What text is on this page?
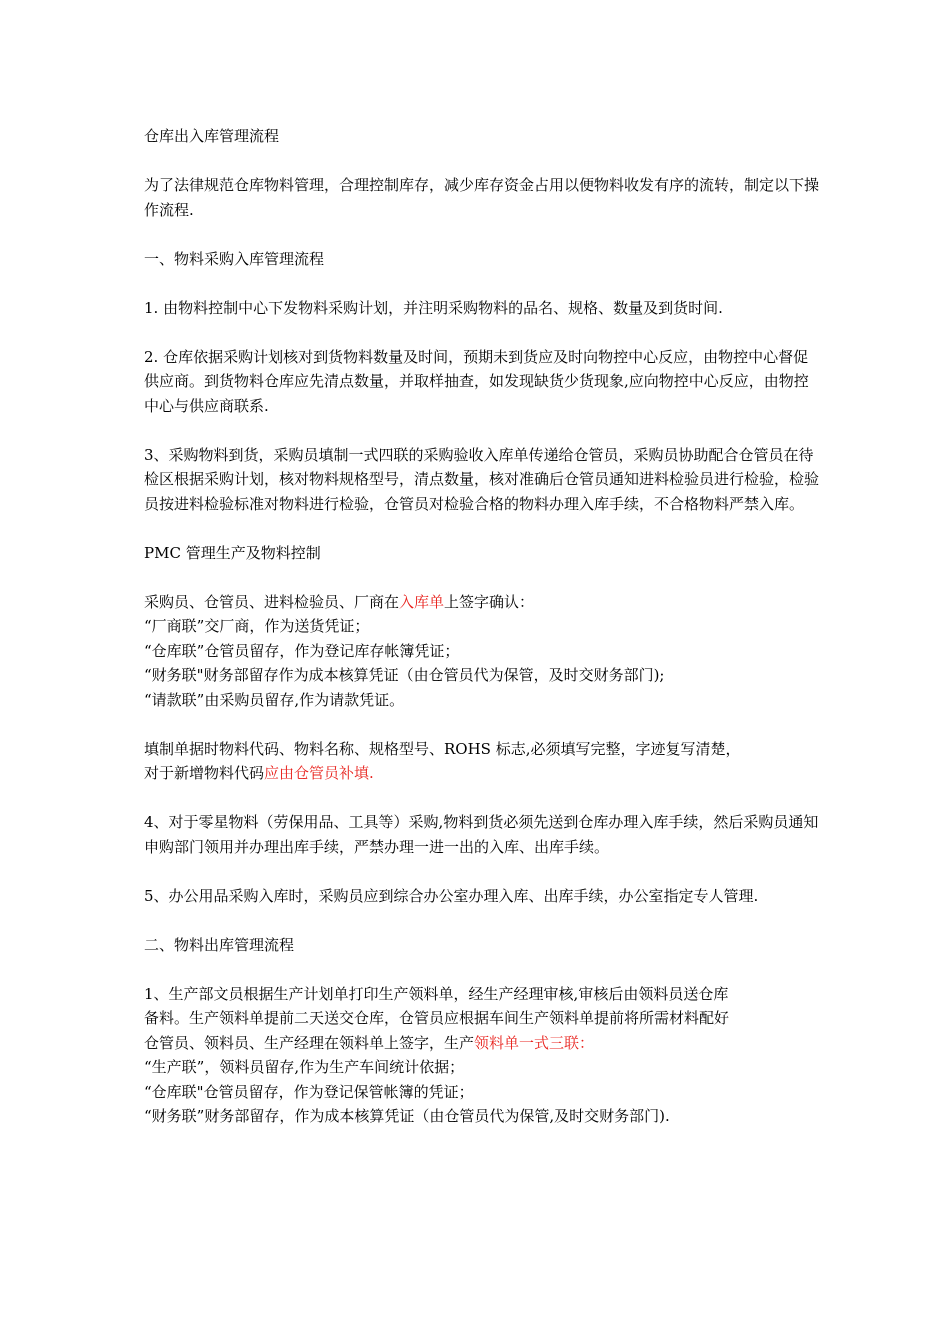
仓库出入库管理流程

为了法律规范仓库物料管理，合理控制库存，减少库存资金占用以便物料收发有序的流转，制定以下操作流程.

一、物料采购入库管理流程

1. 由物料控制中心下发物料采购计划，并注明采购物料的品名、规格、数量及到货时间.

2. 仓库依据采购计划核对到货物料数量及时间，预期未到货应及时向物控中心反应，由物控中心督促供应商。到货物料仓库应先清点数量，并取样抽查，如发现缺货少货现象,应向物控中心反应，由物控中心与供应商联系.

3、采购物料到货，采购员填制一式四联的采购验收入库单传递给仓管员，采购员协助配合仓管员在待检区根据采购计划，核对物料规格型号，清点数量，核对准确后仓管员通知进料检验员进行检验，检验员按进料检验标准对物料进行检验，仓管员对检验合格的物料办理入库手续，不合格物料严禁入库。

PMC 管理生产及物料控制

采购员、仓管员、进料检验员、厂商在入库单上签字确认：

“厂商联”交厂商，作为送货凭证；

“仓库联”仓管员留存，作为登记库存帐簿凭证；

“财务联"财务部留存作为成本核算凭证（由仓管员代为保管，及时交财务部门);

“请款联”由采购员留存,作为请款凭证。

填制单据时物料代码、物料名称、规格型号、ROHS 标志,必须填写完整，字迹复写清楚，

对于新增物料代码应由仓管员补填.

4、对于零星物料（劳保用品、工具等）采购,物料到货必须先送到仓库办理入库手续，然后采购员通知申购部门领用并办理出库手续，严禁办理一进一出的入库、出库手续。

5、办公用品采购入库时，采购员应到综合办公室办理入库、出库手续，办公室指定专人管理.

二、物料出库管理流程

1、生产部文员根据生产计划单打印生产领料单，经生产经理审核,审核后由领料员送仓库

备料。生产领料单提前二天送交仓库，仓管员应根据车间生产领料单提前将所需材料配好

仓管员、领料员、生产经理在领料单上签字，生产领料单一式三联：

“生产联”，领料员留存,作为生产车间统计依据；

“仓库联"仓管员留存，作为登记保管帐簿的凭证；

“财务联”财务部留存，作为成本核算凭证（由仓管员代为保管,及时交财务部门).
